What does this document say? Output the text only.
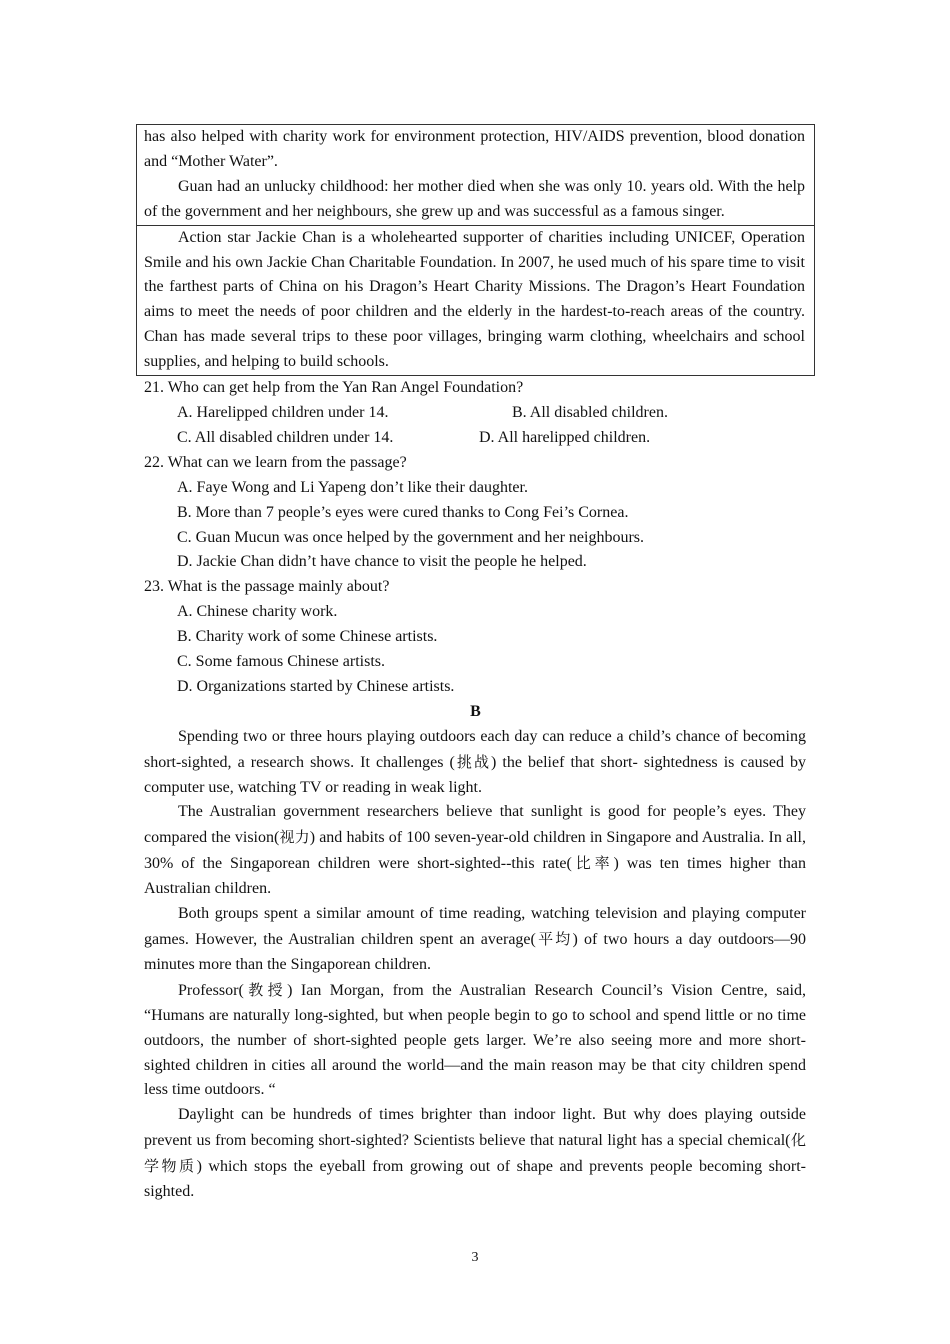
has also helped with charity work for environment protection, HIV/AIDS prevention, blood donation and “Mother Water”.

Guan had an unlucky childhood: her mother died when she was only 10. years old. With the help of the government and her neighbours, she grew up and was successful as a famous singer.

Action star Jackie Chan is a wholehearted supporter of charities including UNICEF, Operation Smile and his own Jackie Chan Charitable Foundation. In 2007, he used much of his spare time to visit the farthest parts of China on his Dragon’s Heart Charity Missions. The Dragon’s Heart Foundation aims to meet the needs of poor children and the elderly in the hardest-to-reach areas of the country. Chan has made several trips to these poor villages, bringing warm clothing, wheelchairs and school supplies, and helping to build schools.

21. Who can get help from the Yan Ran Angel Foundation?

A. Harelipped children under 14.	B. All disabled children.
C. All disabled children under 14.	D. All harelipped children.

22. What can we learn from the passage?

A. Faye Wong and Li Yapeng don’t like their daughter.

B. More than 7 people’s eyes were cured thanks to Cong Fei’s Cornea.

C. Guan Mucun was once helped by the government and her neighbours.

D. Jackie Chan didn’t have chance to visit the people he helped.

23. What is the passage mainly about?

A. Chinese charity work.

B. Charity work of some Chinese artists.

C. Some famous Chinese artists.

D. Organizations started by Chinese artists.

B

Spending two or three hours playing outdoors each day can reduce a child’s chance of becoming short-sighted, a research shows. It challenges (挑战) the belief that short- sightedness is caused by computer use, watching TV or reading in weak light.

The Australian government researchers believe that sunlight is good for people’s eyes. They compared the vision(视力) and habits of 100 seven-year-old children in Singapore and Australia. In all, 30% of the Singaporean children were short-sighted--this rate(比率) was ten times higher than Australian children.

Both groups spent a similar amount of time reading, watching television and playing computer games. However, the Australian children spent an average(平均) of two hours a day outdoors—90 minutes more than the Singaporean children.

Professor(教授) Ian Morgan, from the Australian Research Council’s Vision Centre, said, “Humans are naturally long-sighted, but when people begin to go to school and spend little or no time outdoors, the number of short-sighted people gets larger. We’re also seeing more and more short-sighted children in cities all around the world—and the main reason may be that city children spend less time outdoors. “

Daylight can be hundreds of times brighter than indoor light. But why does playing outside prevent us from becoming short-sighted? Scientists believe that natural light has a special chemical(化学物质) which stops the eyeball from growing out of shape and prevents people becoming short-sighted.

3
